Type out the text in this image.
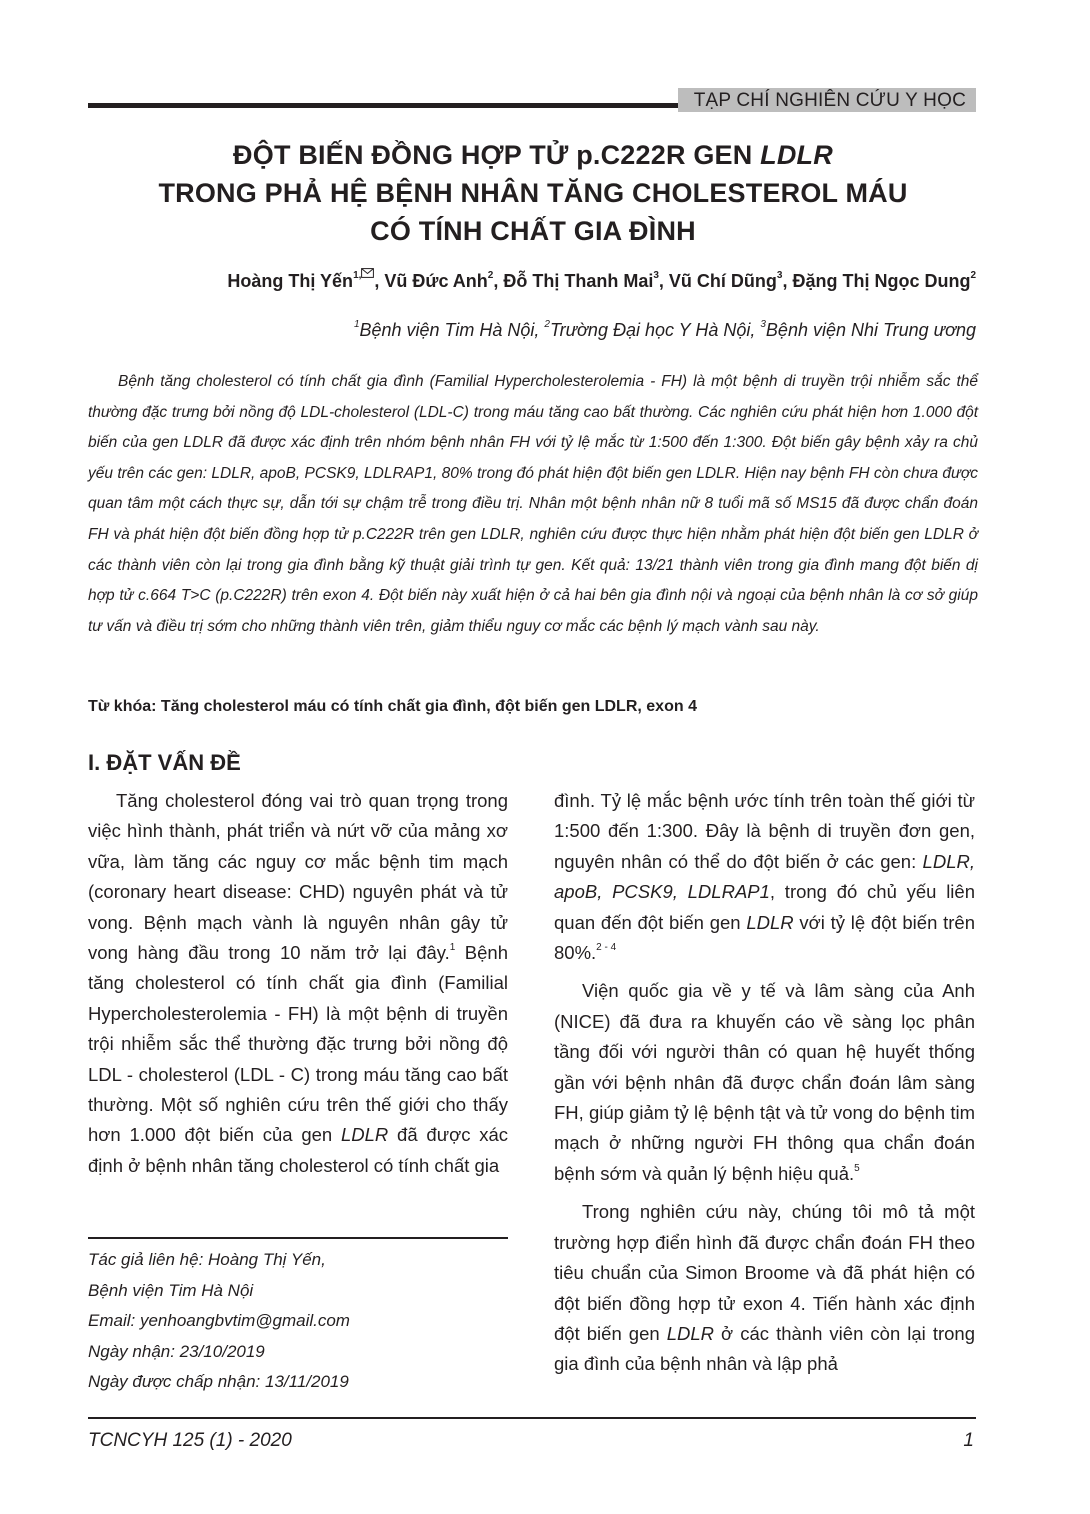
TẠP CHÍ NGHIÊN CỨU Y HỌC
ĐỘT BIẾN ĐỒNG HỢP TỬ p.C222R GEN LDLR
TRONG PHẢ HỆ BỆNH NHÂN TĂNG CHOLESTEROL MÁU
CÓ TÍNH CHẤT GIA ĐÌNH
Hoàng Thị Yến$^{1,}$ , Vũ Đức Anh$^2$, Đỗ Thị Thanh Mai$^3$, Vũ Chí Dũng$^3$, Đặng Thị Ngọc Dung$^2$
$^1$Bệnh viện Tim Hà Nội, $^2$Trường Đại học Y Hà Nội, $^3$Bệnh viện Nhi Trung ương
Bệnh tăng cholesterol có tính chất gia đình (Familial Hypercholesterolemia - FH) là một bệnh di truyền trội nhiễm sắc thể thường đặc trưng bởi nồng độ LDL-cholesterol (LDL-C) trong máu tăng cao bất thường. Các nghiên cứu phát hiện hơn 1.000 đột biến của gen LDLR đã được xác định trên nhóm bệnh nhân FH với tỷ lệ mắc từ 1:500 đến 1:300. Đột biến gây bệnh xảy ra chủ yếu trên các gen: LDLR, apoB, PCSK9, LDLRAP1, 80% trong đó phát hiện đột biến gen LDLR. Hiện nay bệnh FH còn chưa được quan tâm một cách thực sự, dẫn tới sự chậm trễ trong điều trị. Nhân một bệnh nhân nữ 8 tuổi mã số MS15 đã được chẩn đoán FH và phát hiện đột biến đồng hợp tử p.C222R trên gen LDLR, nghiên cứu được thực hiện nhằm phát hiện đột biến gen LDLR ở các thành viên còn lại trong gia đình bằng kỹ thuật giải trình tự gen. Kết quả: 13/21 thành viên trong gia đình mang đột biến dị hợp tử c.664 T>C (p.C222R) trên exon 4. Đột biến này xuất hiện ở cả hai bên gia đình nội và ngoại của bệnh nhân là cơ sở giúp tư vấn và điều trị sớm cho những thành viên trên, giảm thiểu nguy cơ mắc các bệnh lý mạch vành sau này.
Từ khóa: Tăng cholesterol máu có tính chất gia đình, đột biến gen LDLR, exon 4
I. ĐẶT VẤN ĐỀ

Tăng cholesterol đóng vai trò quan trọng trong việc hình thành, phát triển và nứt vỡ của mảng xơ vữa, làm tăng các nguy cơ mắc bệnh tim mạch (coronary heart disease: CHD) nguyên phát và tử vong. Bệnh mạch vành là nguyên nhân gây tử vong hàng đầu trong 10 năm trở lại đây.$^1$ Bệnh tăng cholesterol có tính chất gia đình (Familial Hypercholesterolemia - FH) là một bệnh di truyền trội nhiễm sắc thể thường đặc trưng bởi nồng độ LDL - cholesterol (LDL - C) trong máu tăng cao bất thường. Một số nghiên cứu trên thế giới cho thấy hơn 1.000 đột biến của gen LDLR đã được xác định ở bệnh nhân tăng cholesterol có tính chất gia

Tác giả liên hệ: Hoàng Thị Yến,
Bệnh viện Tim Hà Nội
Email: yenhoangbvtim@gmail.com
Ngày nhận: 23/10/2019
Ngày được chấp nhận: 13/11/2019

đình. Tỷ lệ mắc bệnh ước tính trên toàn thế giới từ 1:500 đến 1:300. Đây là bệnh di truyền đơn gen, nguyên nhân có thể do đột biến ở các gen: LDLR, apoB, PCSK9, LDLRAP1, trong đó chủ yếu liên quan đến đột biến gen LDLR với tỷ lệ đột biến trên 80%.$^{2 - 4}$

Viện quốc gia về y tế và lâm sàng của Anh (NICE) đã đưa ra khuyến cáo về sàng lọc phân tầng đối với người thân có quan hệ huyết thống gần với bệnh nhân đã được chẩn đoán lâm sàng FH, giúp giảm tỷ lệ bệnh tật và tử vong do bệnh tim mạch ở những người FH thông qua chẩn đoán bệnh sớm và quản lý bệnh hiệu quả.$^5$

Trong nghiên cứu này, chúng tôi mô tả một trường hợp điển hình đã được chẩn đoán FH theo tiêu chuẩn của Simon Broome và đã phát hiện có đột biến đồng hợp tử exon 4. Tiến hành xác định đột biến gen LDLR ở các thành viên còn lại trong gia đình của bệnh nhân và lập phả

TCNCYH 125 (1) - 2020	1
